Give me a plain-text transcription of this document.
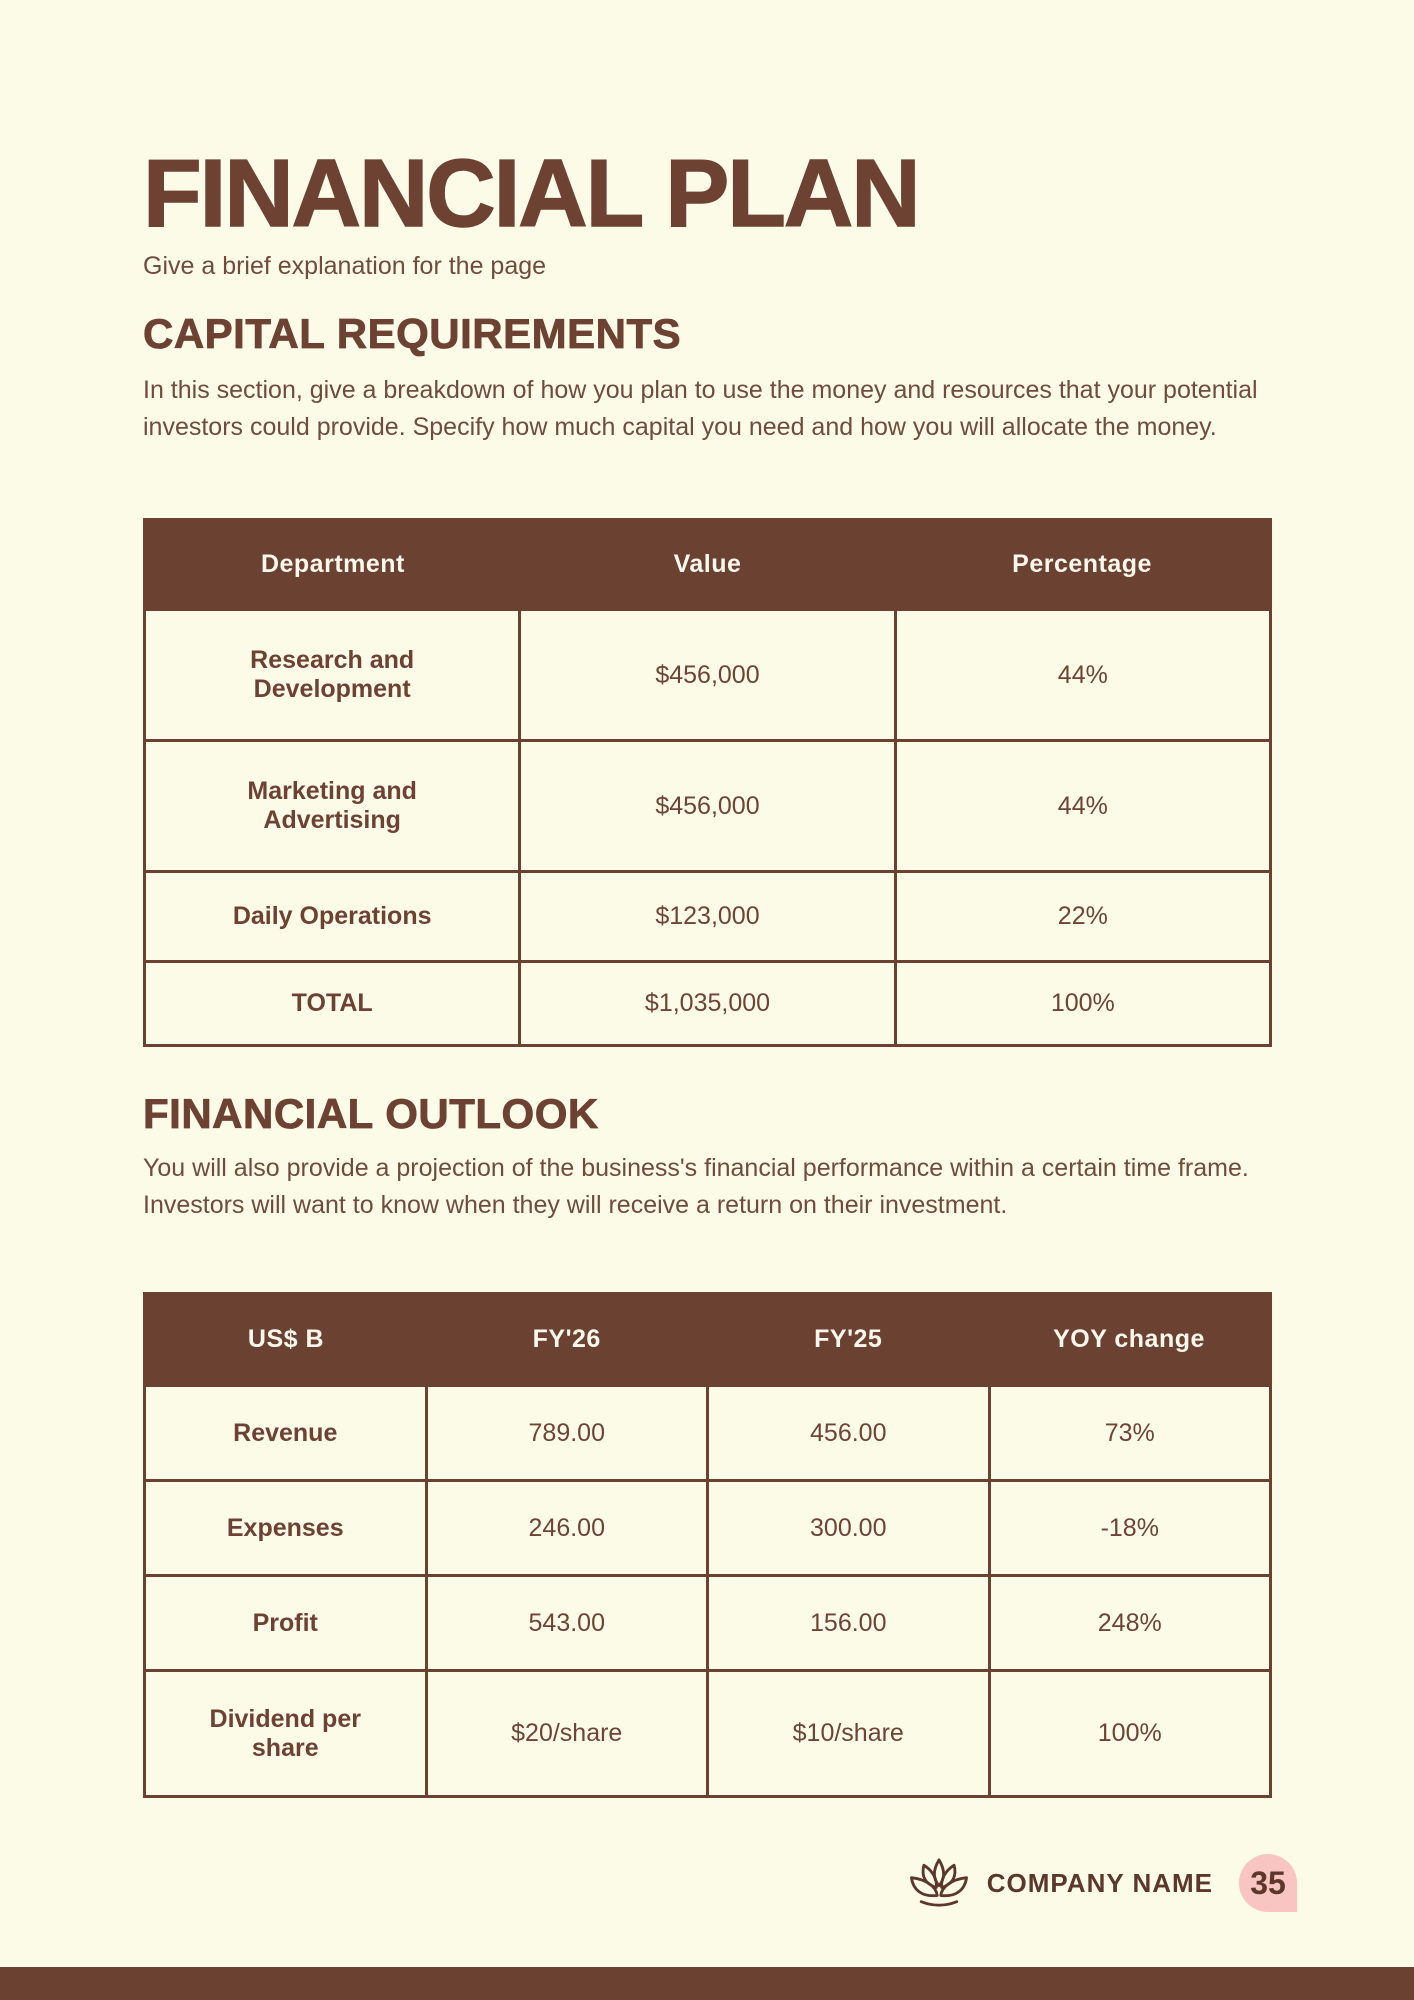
FINANCIAL PLAN

Give a brief explanation for the page

CAPITAL REQUIREMENTS

In this section, give a breakdown of how you plan to use the money and resources that your potential investors could provide. Specify how much capital you need and how you will allocate the money.

Department	Value	Percentage
Research and Development	$456,000	44%
Marketing and Advertising	$456,000	44%
Daily Operations	$123,000	22%
TOTAL	$1,035,000	100%
FINANCIAL OUTLOOK

You will also provide a projection of the business's financial performance within a certain time frame. Investors will want to know when they will receive a return on their investment.

US$ B	FY'26	FY'25	YOY change
Revenue	789.00	456.00	73%
Expenses	246.00	300.00	-18%
Profit	543.00	156.00	248%
Dividend per share	$20/share	$10/share	100%
COMPANY NAME	35
